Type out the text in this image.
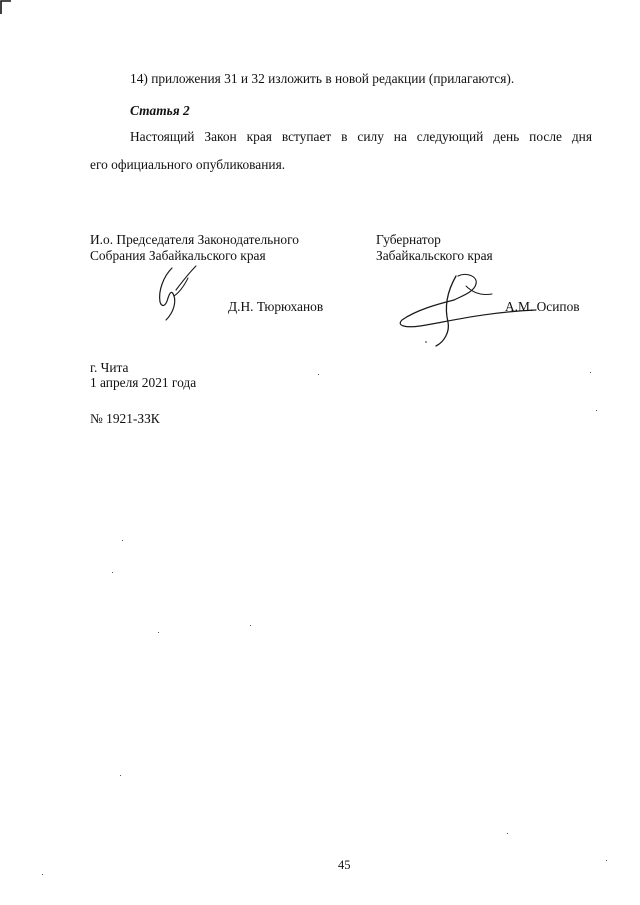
14) приложения 31 и 32 изложить в новой редакции (прилагаются).
Статья 2
Настоящий Закон края вступает в силу на следующий день после дня
его официального опубликования.
И.о. Председателя Законодательного
Собрания Забайкальского края
Губернатор
Забайкальского края
Д.Н. Тюрюханов	А.М. Осипов
г. Чита
1 апреля 2021 года
№ 1921-ЗЗК
45
